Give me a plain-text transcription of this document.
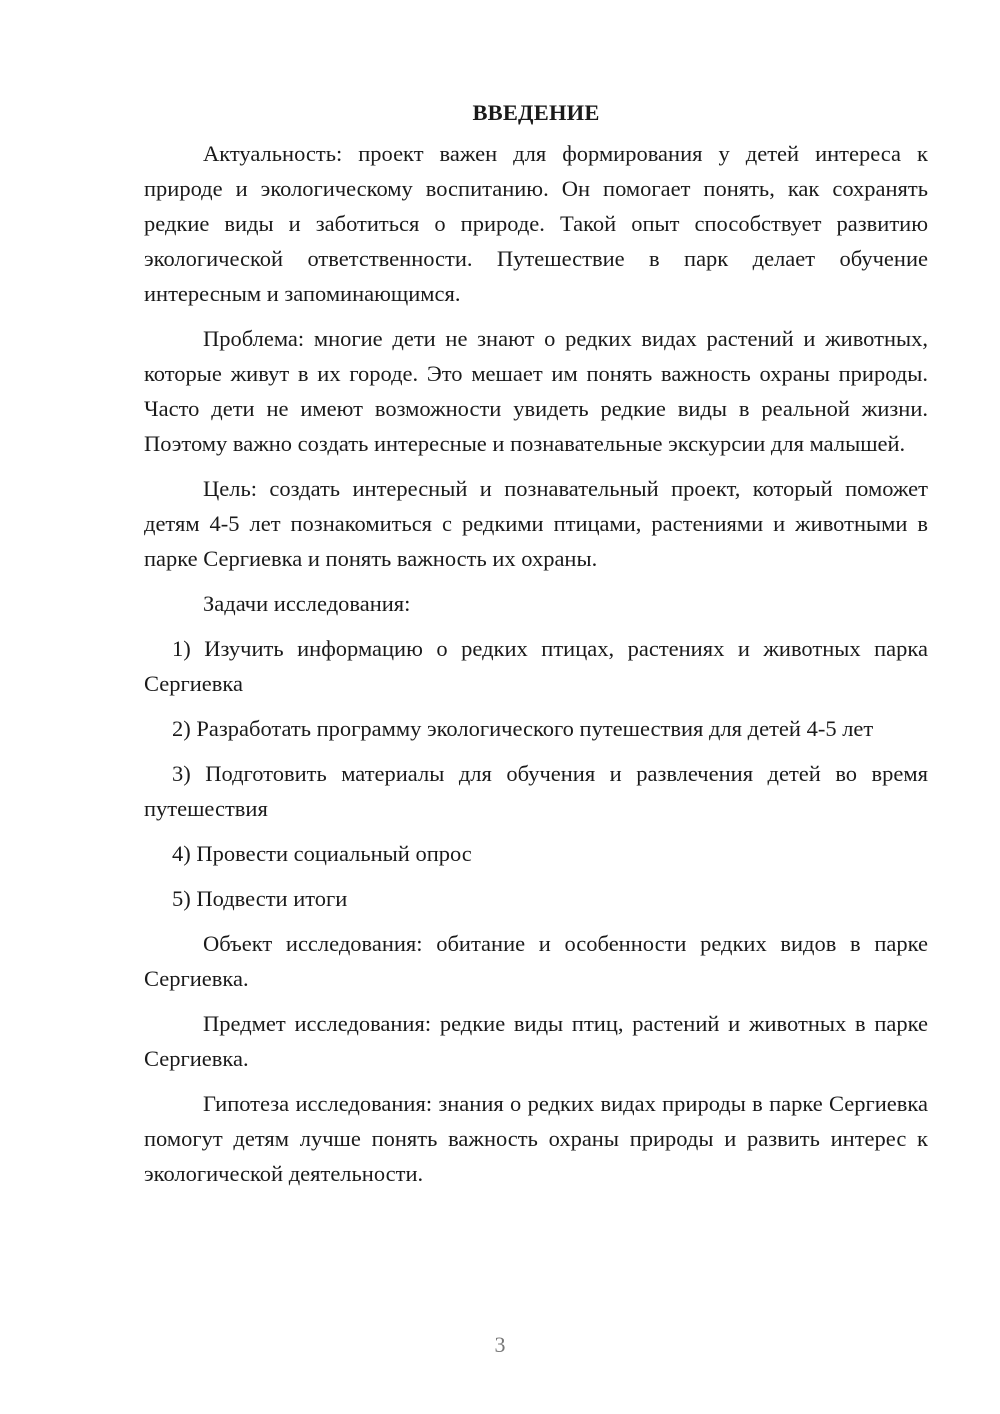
ВВЕДЕНИЕ

Актуальность: проект важен для формирования у детей интереса к природе и экологическому воспитанию. Он помогает понять, как сохранять редкие виды и заботиться о природе. Такой опыт способствует развитию экологической ответственности. Путешествие в парк делает обучение интересным и запоминающимся.

Проблема: многие дети не знают о редких видах растений и животных, которые живут в их городе. Это мешает им понять важность охраны природы. Часто дети не имеют возможности увидеть редкие виды в реальной жизни. Поэтому важно создать интересные и познавательные экскурсии для малышей.

Цель: создать интересный и познавательный проект, который поможет детям 4-5 лет познакомиться с редкими птицами, растениями и животными в парке Сергиевка и понять важность их охраны.

Задачи исследования:

1) Изучить информацию о редких птицах, растениях и животных парка Сергиевка

2) Разработать программу экологического путешествия для детей 4-5 лет

3) Подготовить материалы для обучения и развлечения детей во время путешествия

4) Провести социальный опрос

5) Подвести итоги

Объект исследования: обитание и особенности редких видов в парке Сергиевка.

Предмет исследования: редкие виды птиц, растений и животных в парке Сергиевка.

Гипотеза исследования: знания о редких видах природы в парке Сергиевка помогут детям лучше понять важность охраны природы и развить интерес к экологической деятельности.

3
